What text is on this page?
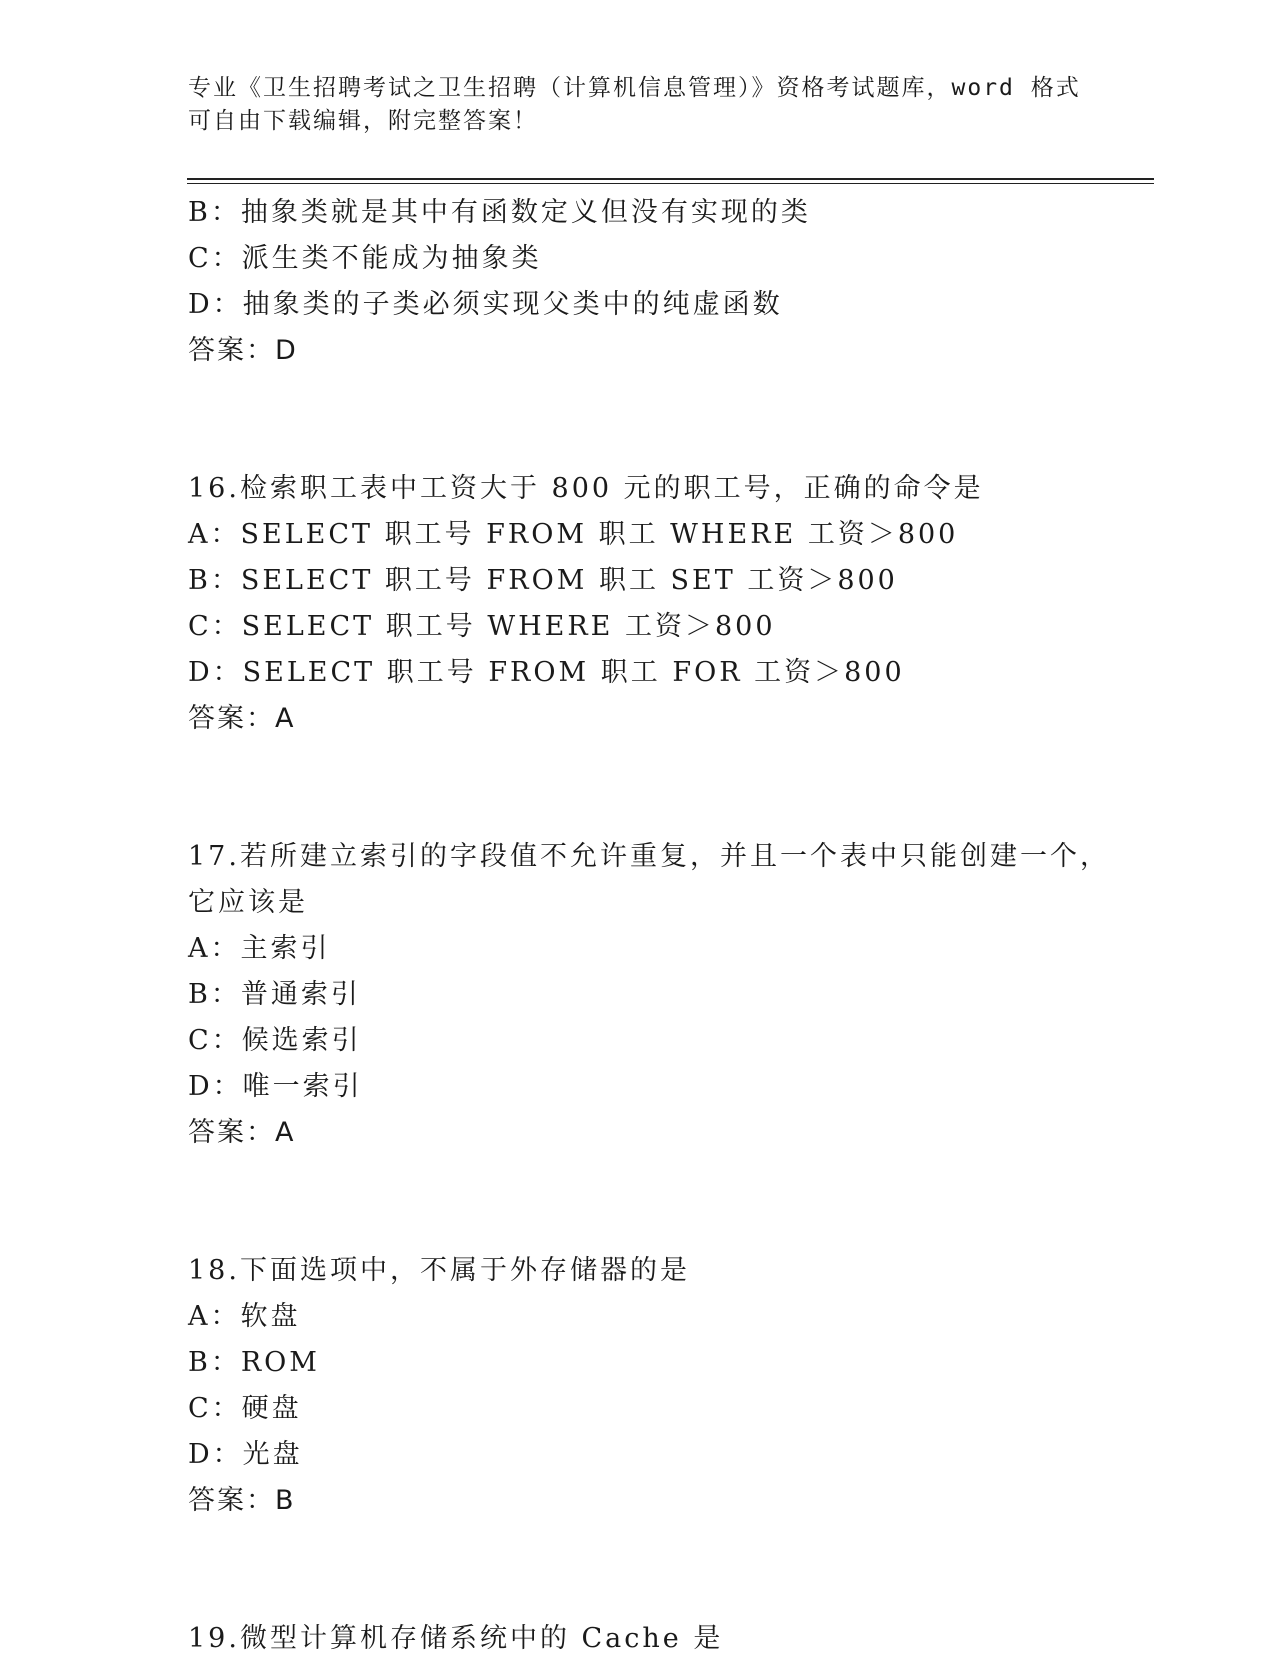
专业《卫生招聘考试之卫生招聘（计算机信息管理）》资格考试题库，word 格式
可自由下载编辑，附完整答案！
B：抽象类就是其中有函数定义但没有实现的类
C：派生类不能成为抽象类
D：抽象类的子类必须实现父类中的纯虚函数
答案：D
16.检索职工表中工资大于 800 元的职工号，正确的命令是
A：SELECT 职工号 FROM 职工 WHERE 工资＞800
B：SELECT 职工号 FROM 职工 SET 工资＞800
C：SELECT 职工号 WHERE 工资＞800
D：SELECT 职工号 FROM 职工 FOR 工资＞800
答案：A
17.若所建立索引的字段值不允许重复，并且一个表中只能创建一个，
它应该是
A：主索引
B：普通索引
C：候选索引
D：唯一索引
答案：A
18.下面选项中，不属于外存储器的是
A：软盘
B：ROM
C：硬盘
D：光盘
答案：B
19.微型计算机存储系统中的 Cache 是
